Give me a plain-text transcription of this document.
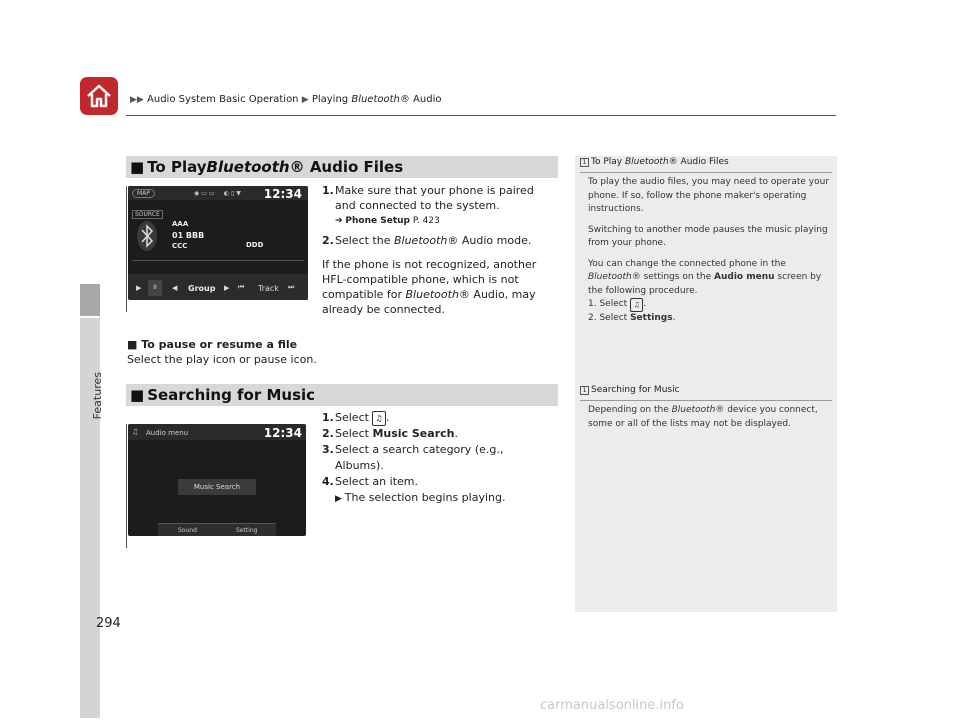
▶▶ Audio System Basic Operation ▶ Playing Bluetooth® Audio
Features
■ To Play Bluetooth ® Audio Files
MAP	◉ ▭ ▭     ◐ ▯ ▼ 12:34
SOURCE
AAA
01 BBB
CCC	DDD
▶	II	◀ Group ▶ ⏮ Track ⏭
1. Make sure that your phone is paired and connected to the system.
➔ Phone Setup P. 423
2. Select the Bluetooth® Audio mode.
If the phone is not recognized, another HFL-compatible phone, which is not compatible for Bluetooth® Audio, may already be connected.
■ To pause or resume a file
Select the play icon or pause icon.
■ Searching for Music
♫ Audio menu	12:34
Music Search
Sound	Setting
1. Select ♫ .
2. Select Music Search.
3. Select a search category (e.g., Albums).
4. Select an item.
▶ The selection begins playing.
1 To Play Bluetooth® Audio Files
To play the audio files, you may need to operate your phone. If so, follow the phone maker's operating instructions.
Switching to another mode pauses the music playing from your phone.
You can change the connected phone in the Bluetooth® settings on the Audio menu screen by the following procedure.
1. Select ♫ .
2. Select Settings.
1 Searching for Music
Depending on the Bluetooth® device you connect, some or all of the lists may not be displayed.
294
carmanualsonline.info
